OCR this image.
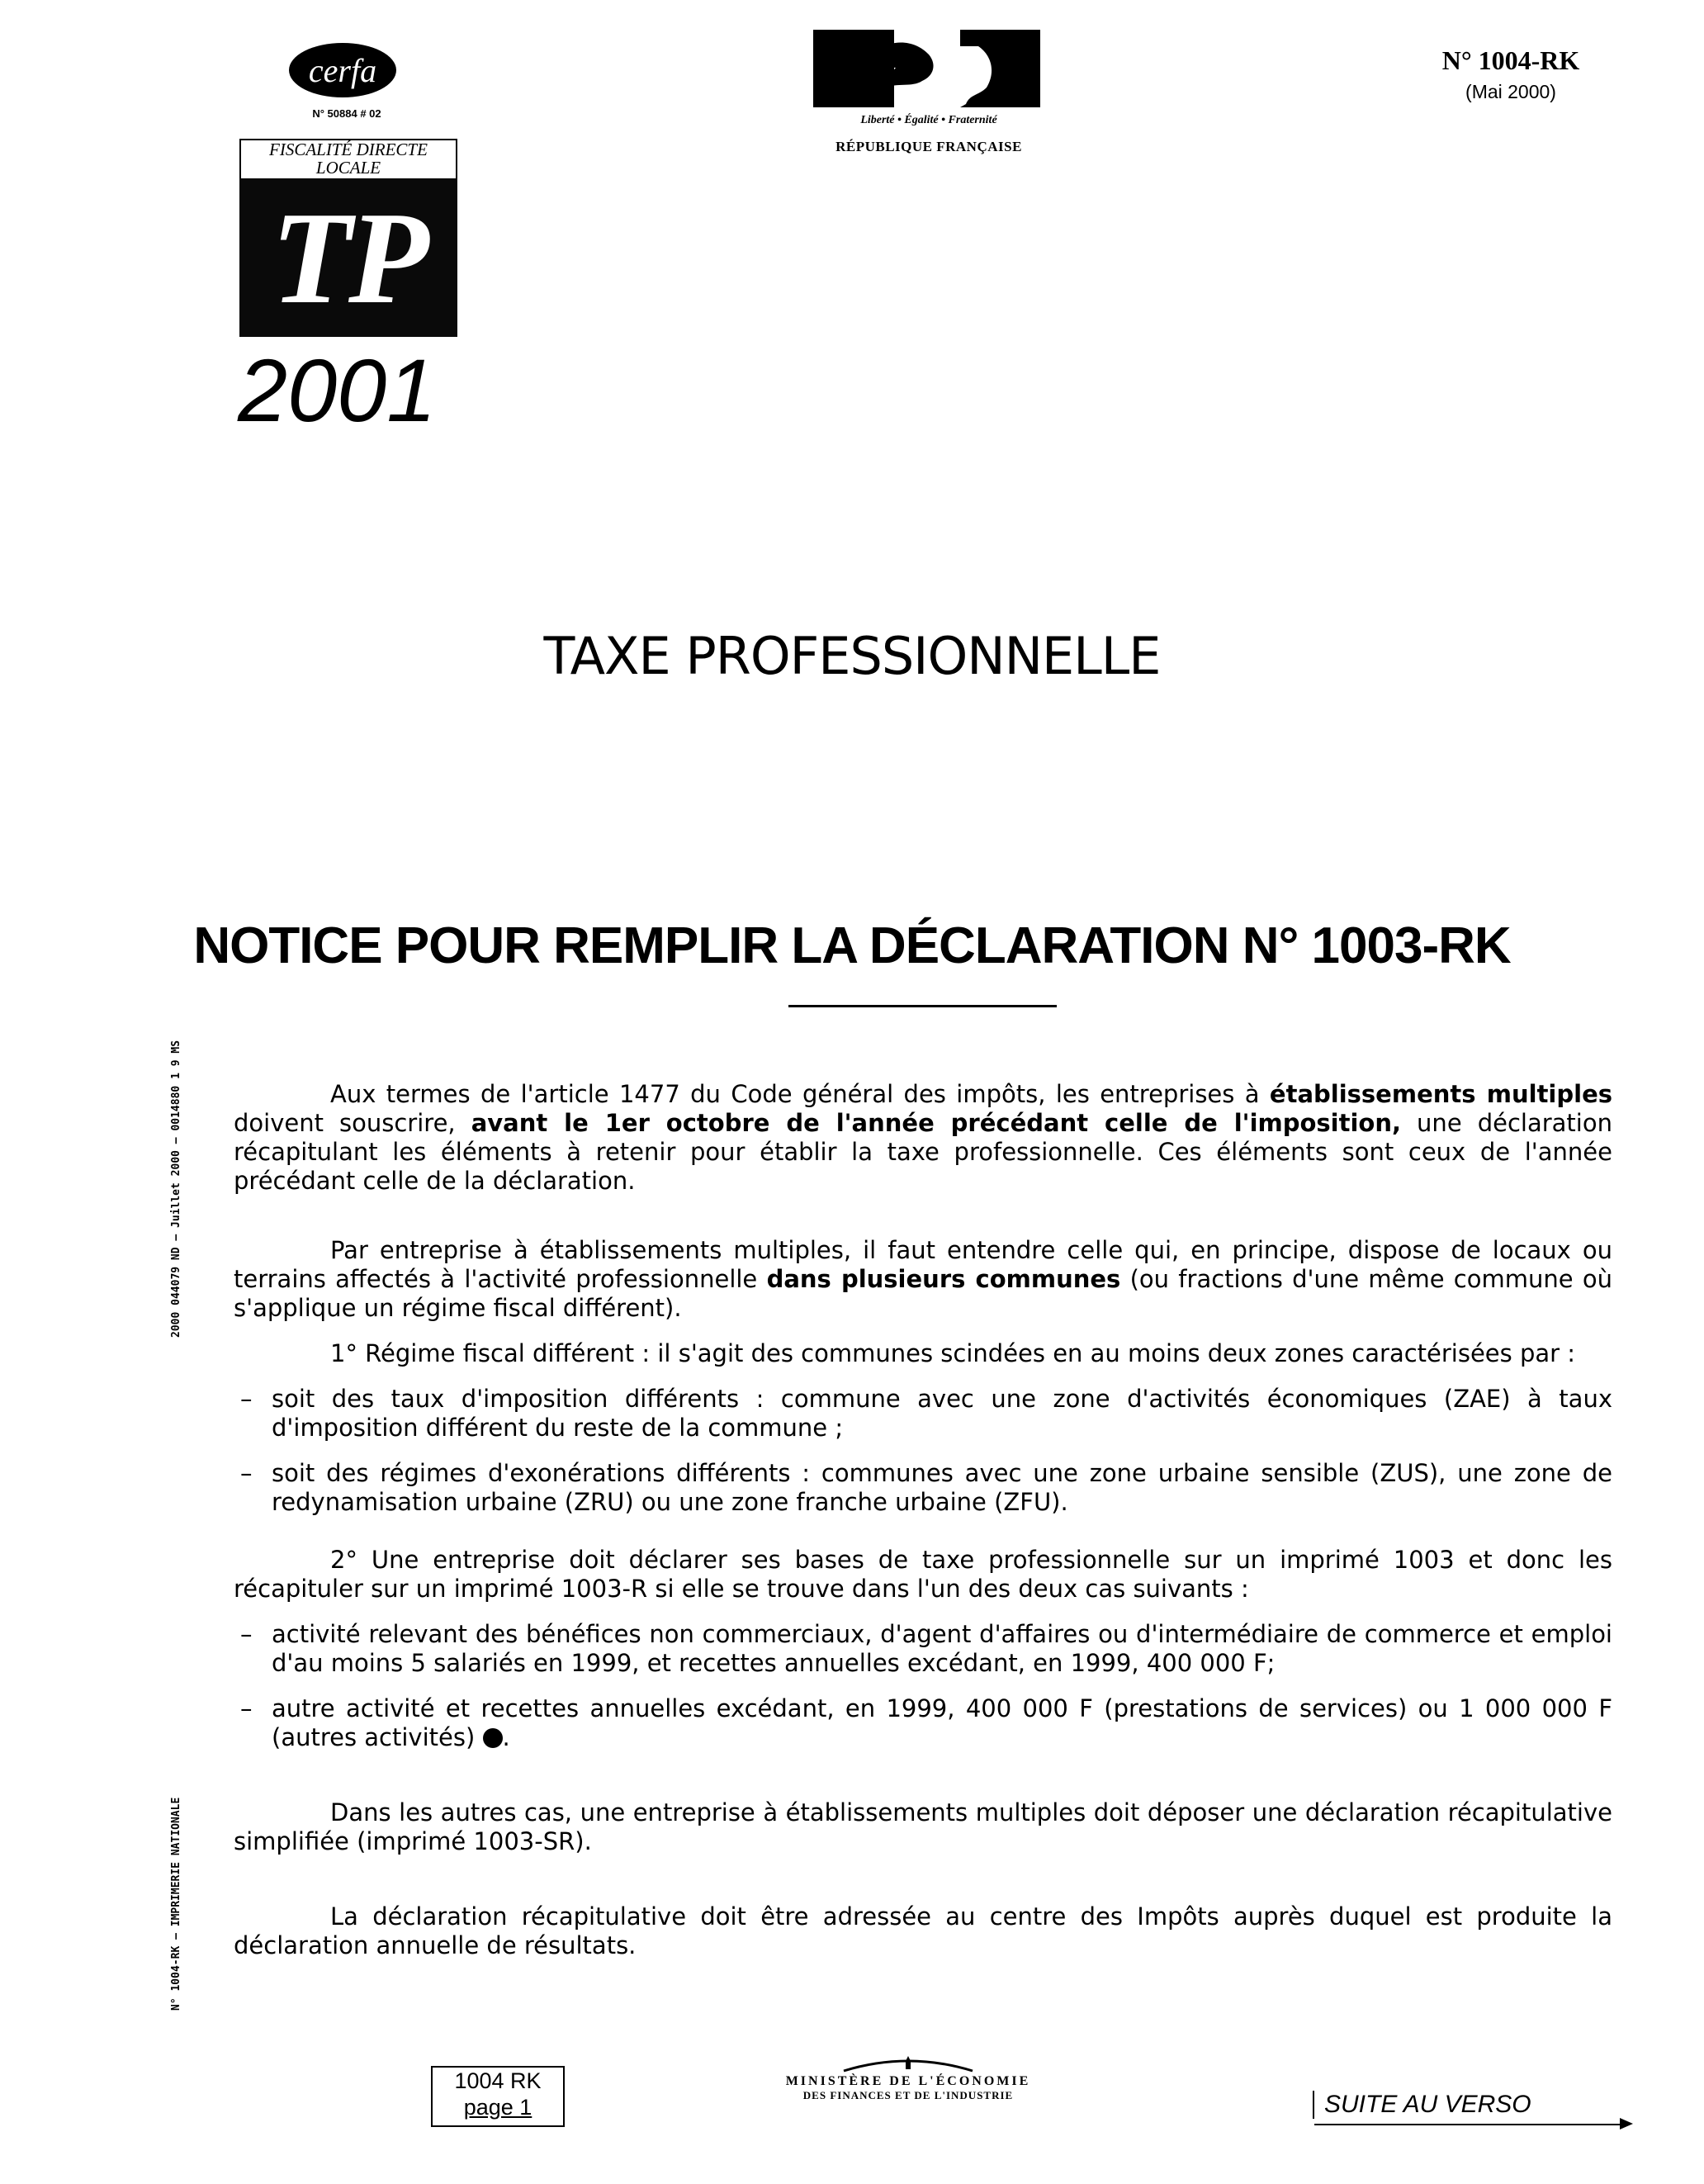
cerfa
N° 50884 # 02
FISCALITÉ DIRECTE LOCALE
TP
2001
Liberté • Égalité • Fraternité
RÉPUBLIQUE FRANÇAISE
N° 1004-RK
(Mai 2000)
TAXE PROFESSIONNELLE
NOTICE POUR REMPLIR LA DÉCLARATION N° 1003-RK

Aux termes de l'article 1477 du Code général des impôts, les entreprises à établissements multiples doivent souscrire, avant le 1er octobre de l'année précédant celle de l'imposition, une déclaration récapitulant les éléments à retenir pour établir la taxe professionnelle. Ces éléments sont ceux de l'année précédant celle de la déclaration.

Par entreprise à établissements multiples, il faut entendre celle qui, en principe, dispose de locaux ou terrains affectés à l'activité professionnelle dans plusieurs communes (ou fractions d'une même commune où s'applique un régime fiscal différent).

1° Régime fiscal différent : il s'agit des communes scindées en au moins deux zones caractérisées par :

– soit des taux d'imposition différents : commune avec une zone d'activités économiques (ZAE) à taux d'imposition différent du reste de la commune ;

– soit des régimes d'exonérations différents : communes avec une zone urbaine sensible (ZUS), une zone de redynamisation urbaine (ZRU) ou une zone franche urbaine (ZFU).

2° Une entreprise doit déclarer ses bases de taxe professionnelle sur un imprimé 1003 et donc les récapituler sur un imprimé 1003-R si elle se trouve dans l'un des deux cas suivants :

– activité relevant des bénéfices non commerciaux, d'agent d'affaires ou d'intermédiaire de commerce et emploi d'au moins 5 salariés en 1999, et recettes annuelles excédant, en 1999, 400 000 F;

– autre activité et recettes annuelles excédant, en 1999, 400 000 F (prestations de services) ou 1 000 000 F (autres activités) .

Dans les autres cas, une entreprise à établissements multiples doit déposer une déclaration récapitulative simplifiée (imprimé 1003-SR).

La déclaration récapitulative doit être adressée au centre des Impôts auprès duquel est produite la déclaration annuelle de résultats.

2000 044079 ND – Juillet 2000 – 0014880 1 9 MS
N° 1004-RK – IMPRIMERIE NATIONALE
1004 RK
page 1
MINISTÈRE DE L'ÉCONOMIE
DES FINANCES ET DE L'INDUSTRIE	SUITE AU VERSO
